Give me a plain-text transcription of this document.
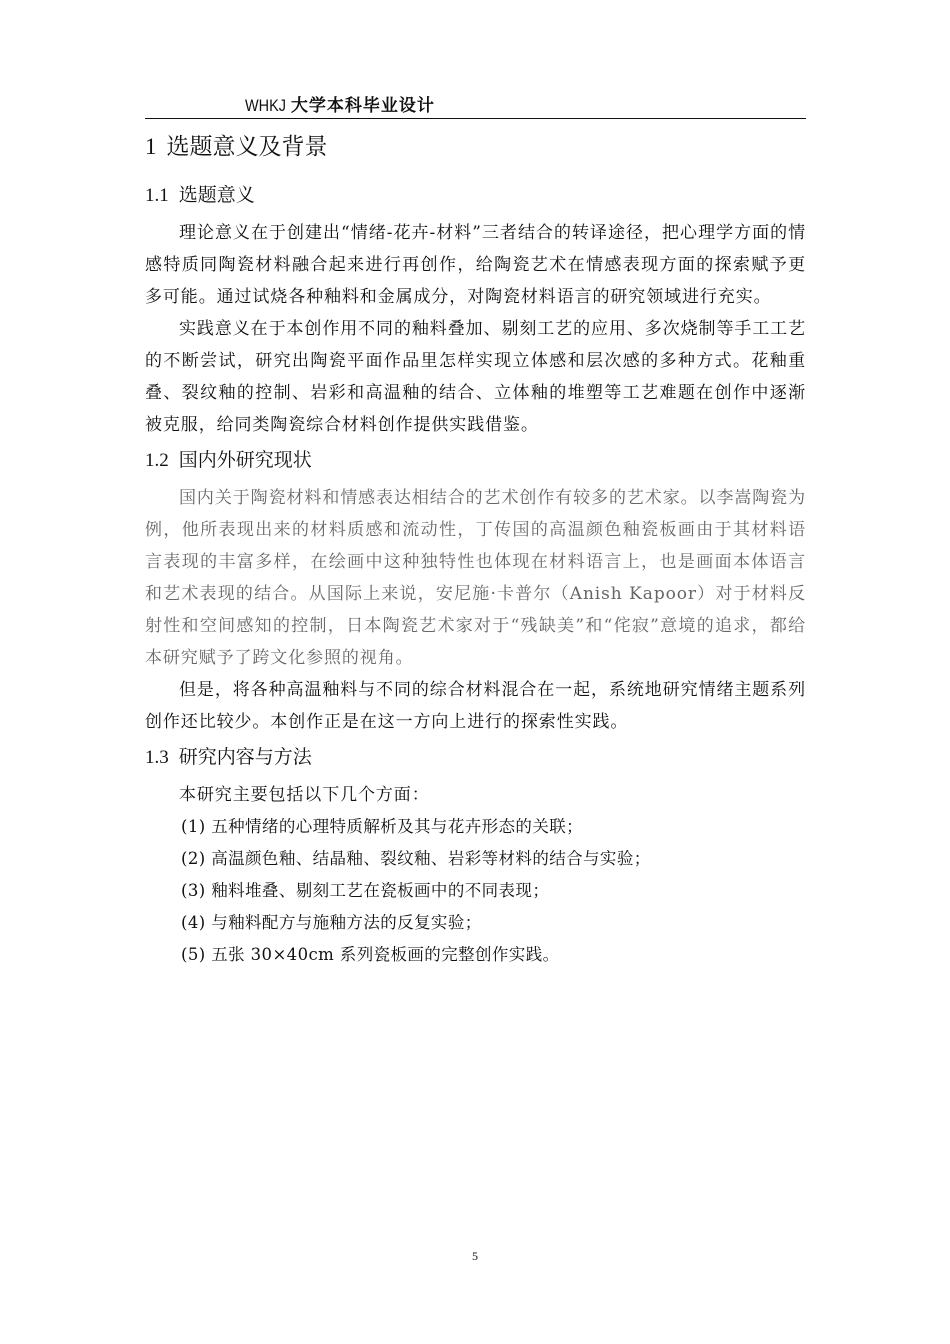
WHKJ 大学本科毕业设计
1 选题意义及背景
1.1 选题意义

理论意义在于创建出“情绪-花卉-材料”三者结合的转译途径，把心理学方面的情感特质同陶瓷材料融合起来进行再创作，给陶瓷艺术在情感表现方面的探索赋予更多可能。通过试烧各种釉料和金属成分，对陶瓷材料语言的研究领域进行充实。

实践意义在于本创作用不同的釉料叠加、剔刻工艺的应用、多次烧制等手工工艺的不断尝试，研究出陶瓷平面作品里怎样实现立体感和层次感的多种方式。花釉重叠、裂纹釉的控制、岩彩和高温釉的结合、立体釉的堆塑等工艺难题在创作中逐渐被克服，给同类陶瓷综合材料创作提供实践借鉴。

1.2 国内外研究现状

国内关于陶瓷材料和情感表达相结合的艺术创作有较多的艺术家。以李嵩陶瓷为例，他所表现出来的材料质感和流动性，丁传国的高温颜色釉瓷板画由于其材料语言表现的丰富多样，在绘画中这种独特性也体现在材料语言上，也是画面本体语言和艺术表现的结合。从国际上来说，安尼施·卡普尔（Anish Kapoor）对于材料反射性和空间感知的控制，日本陶瓷艺术家对于“残缺美”和“侘寂”意境的追求，都给本研究赋予了跨文化参照的视角。

但是，将各种高温釉料与不同的综合材料混合在一起，系统地研究情绪主题系列创作还比较少。本创作正是在这一方向上进行的探索性实践。

1.3 研究内容与方法

本研究主要包括以下几个方面：

(1) 五种情绪的心理特质解析及其与花卉形态的关联；
(2) 高温颜色釉、结晶釉、裂纹釉、岩彩等材料的结合与实验；
(3) 釉料堆叠、剔刻工艺在瓷板画中的不同表现；
(4) 与釉料配方与施釉方法的反复实验；
(5) 五张 30×40cm 系列瓷板画的完整创作实践。
5
